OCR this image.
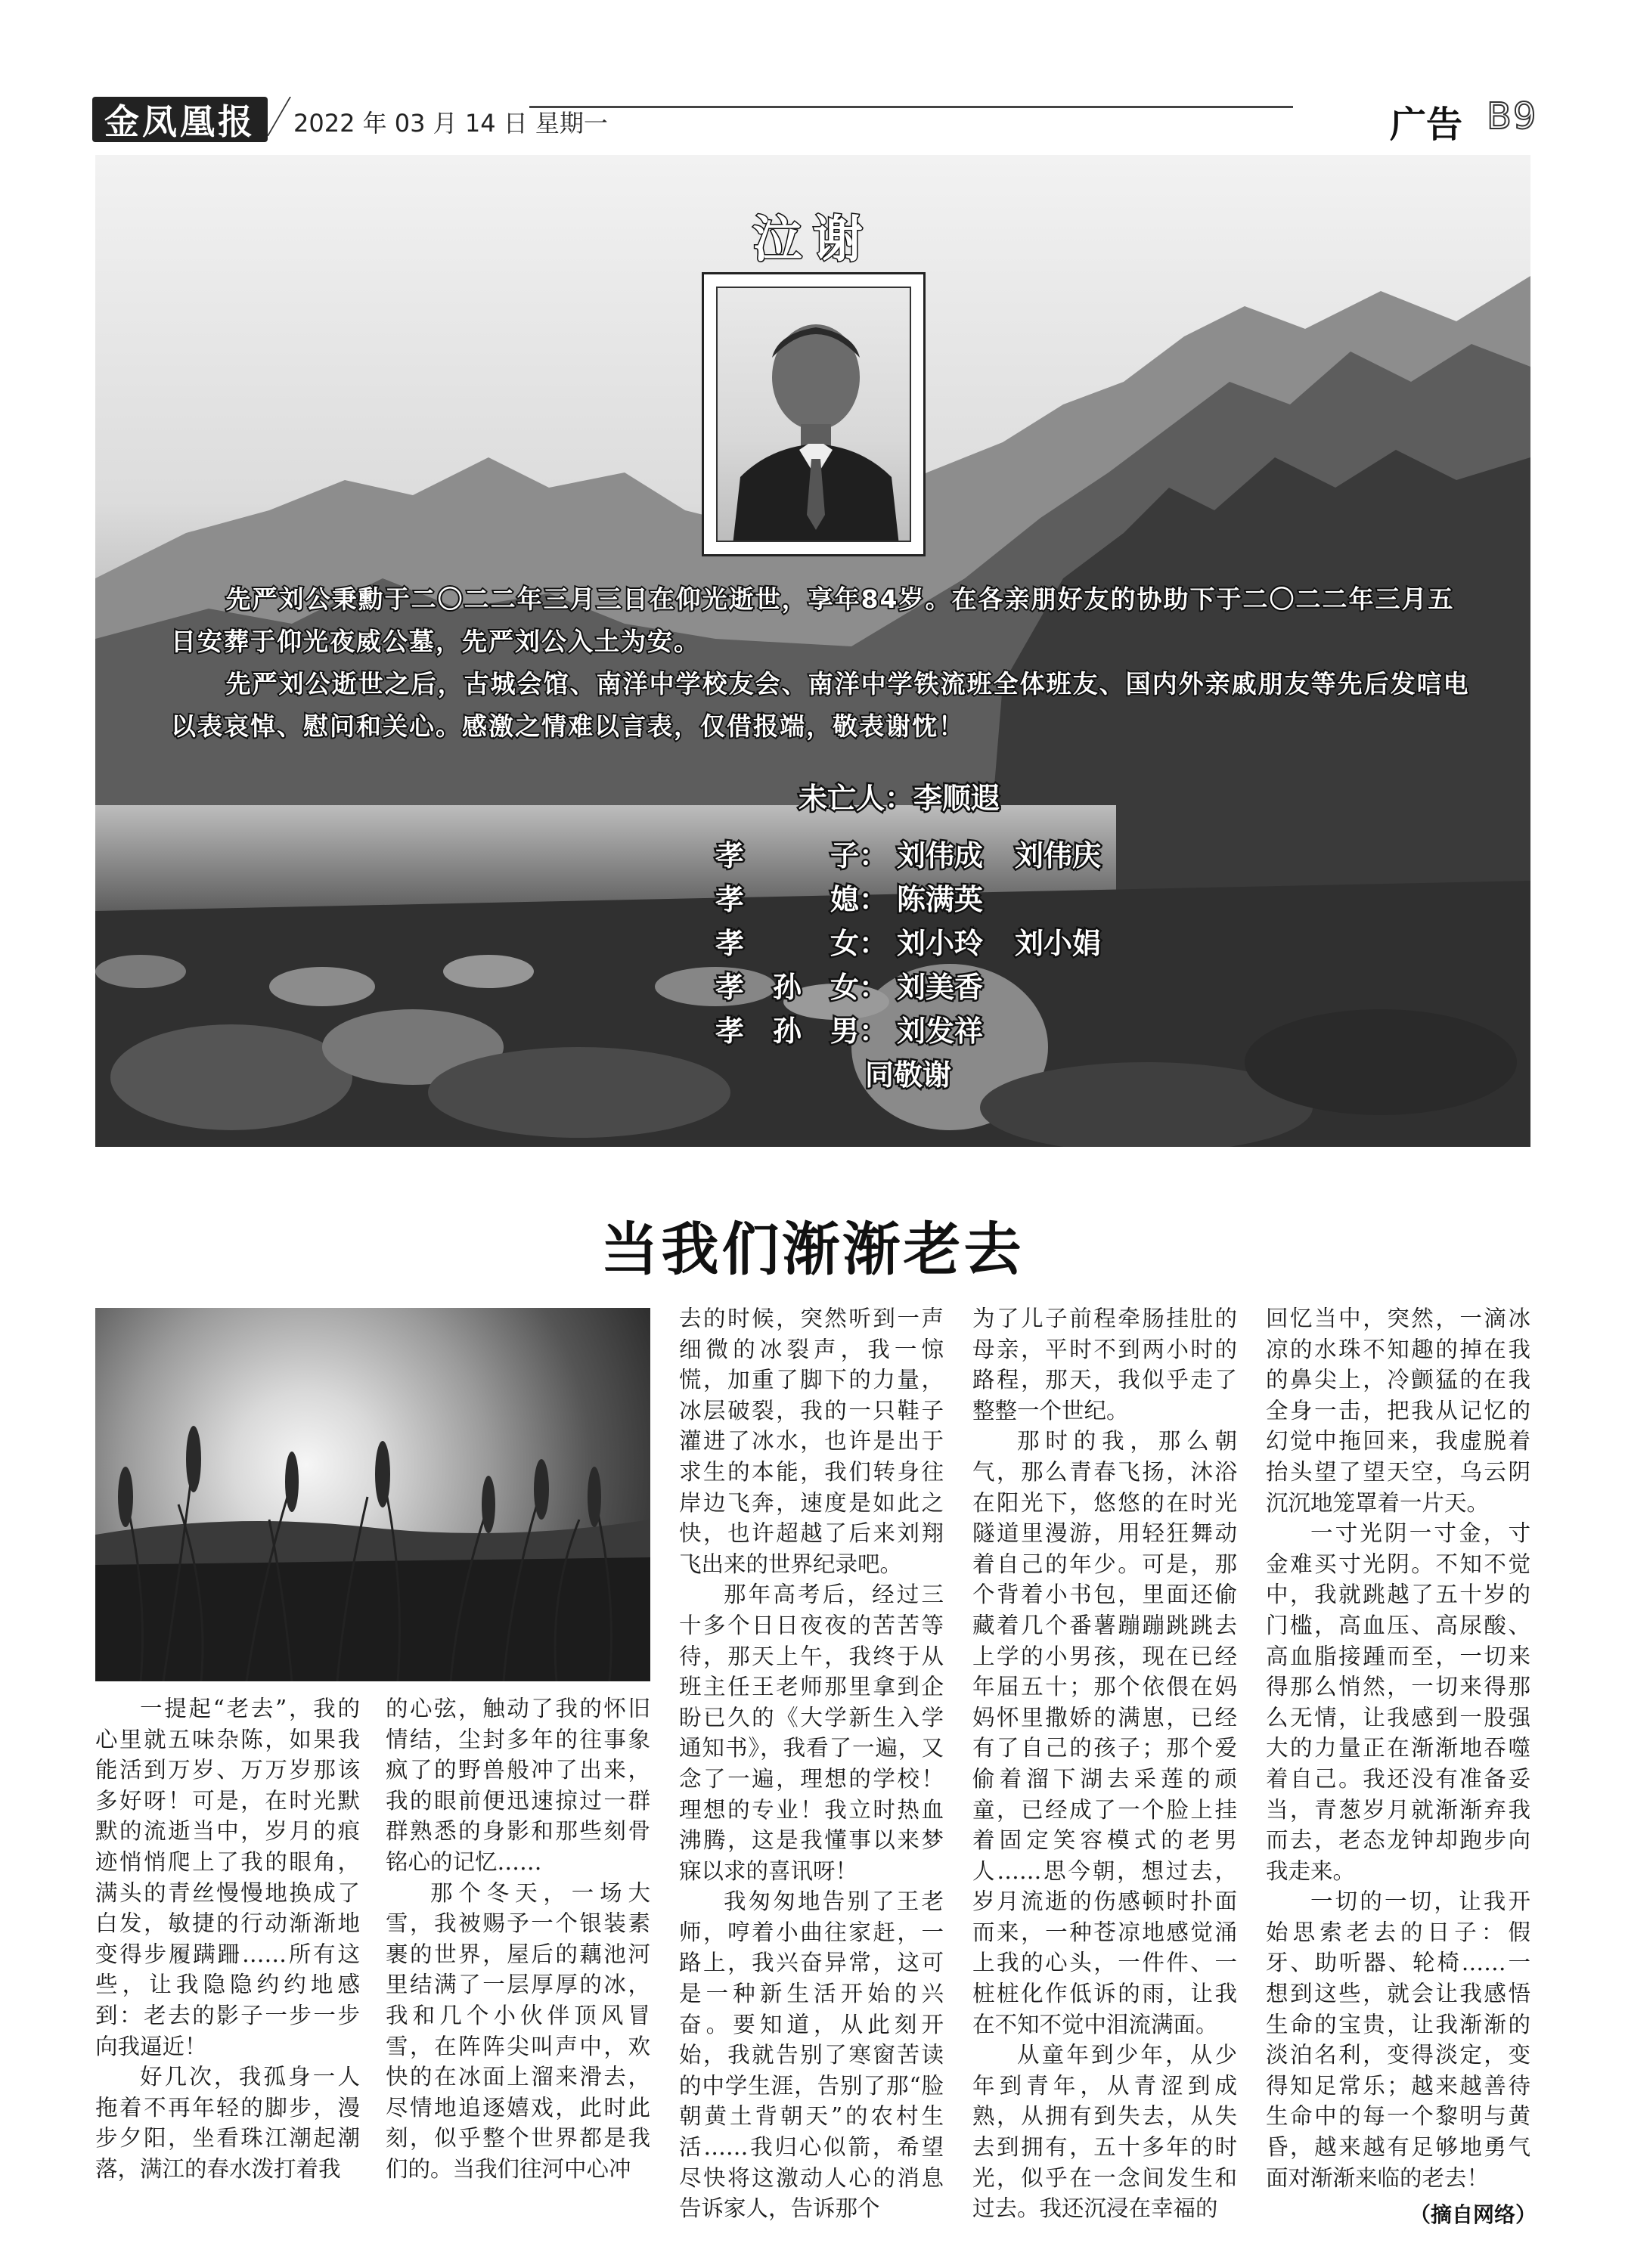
金凤凰报	2022 年 03 月 14 日 星期一	广告 B9
泣谢

先严刘公秉勳于二〇二二年三月三日在仰光逝世，享年84岁。在各亲朋好友的协助下于二〇二二年三月五日安葬于仰光夜威公墓，先严刘公入土为安。

先严刘公逝世之后，古城会馆、南洋中学校友会、南洋中学铁流班全体班友、国内外亲戚朋友等先后发唁电以表哀悼、慰问和关心。感激之情难以言表，仅借报端，敬表谢忱！

未亡人：李顺遐
孝子： 刘伟成 刘伟庆
孝媳： 陈满英
孝女： 刘小玲 刘小娟
孝孙女： 刘美香
孝孙男： 刘发祥
同敬谢
当我们渐渐老去

一提起“老去”，我的心里就五味杂陈，如果我能活到万岁、万万岁那该多好呀！可是，在时光默默的流逝当中，岁月的痕迹悄悄爬上了我的眼角，满头的青丝慢慢地换成了白发，敏捷的行动渐渐地变得步履蹒跚……所有这些，让我隐隐约约地感到：老去的影子一步一步向我逼近！

好几次，我孤身一人拖着不再年轻的脚步，漫步夕阳，坐看珠江潮起潮落，满江的春水泼打着我

的心弦，触动了我的怀旧情结，尘封多年的往事象疯了的野兽般冲了出来，我的眼前便迅速掠过一群群熟悉的身影和那些刻骨铭心的记忆……

那个冬天，一场大雪，我被赐予一个银装素裹的世界，屋后的藕池河里结满了一层厚厚的冰，我和几个小伙伴顶风冒雪，在阵阵尖叫声中，欢快的在冰面上溜来滑去，尽情地追逐嬉戏，此时此刻，似乎整个世界都是我们的。当我们往河中心冲

去的时候，突然听到一声细微的冰裂声，我一惊慌，加重了脚下的力量，冰层破裂，我的一只鞋子灌进了冰水，也许是出于求生的本能，我们转身往岸边飞奔，速度是如此之快，也许超越了后来刘翔飞出来的世界纪录吧。

那年高考后，经过三十多个日日夜夜的苦苦等待，那天上午，我终于从班主任王老师那里拿到企盼已久的《大学新生入学通知书》，我看了一遍，又念了一遍，理想的学校！理想的专业！我立时热血沸腾，这是我懂事以来梦寐以求的喜讯呀！

我匆匆地告别了王老师，哼着小曲往家赶，一路上，我兴奋异常，这可是一种新生活开始的兴奋。要知道，从此刻开始，我就告别了寒窗苦读的中学生涯，告别了那“脸朝黄土背朝天”的农村生活……我归心似箭，希望尽快将这激动人心的消息告诉家人，告诉那个

为了儿子前程牵肠挂肚的母亲，平时不到两小时的路程，那天，我似乎走了整整一个世纪。

那时的我，那么朝气，那么青春飞扬，沐浴在阳光下，悠悠的在时光隧道里漫游，用轻狂舞动着自己的年少。可是，那个背着小书包，里面还偷藏着几个番薯蹦蹦跳跳去上学的小男孩，现在已经年届五十；那个依偎在妈妈怀里撒娇的满崽，已经有了自己的孩子；那个爱偷着溜下湖去采莲的顽童，已经成了一个脸上挂着固定笑容模式的老男人……思今朝，想过去，岁月流逝的伤感顿时扑面而来，一种苍凉地感觉涌上我的心头，一件件、一桩桩化作低诉的雨，让我在不知不觉中泪流满面。

从童年到少年，从少年到青年，从青涩到成熟，从拥有到失去，从失去到拥有，五十多年的时光，似乎在一念间发生和过去。我还沉浸在幸福的

回忆当中，突然，一滴冰凉的水珠不知趣的掉在我的鼻尖上，冷颤猛的在我全身一击，把我从记忆的幻觉中拖回来，我虚脱着抬头望了望天空，乌云阴沉沉地笼罩着一片天。

一寸光阴一寸金，寸金难买寸光阴。不知不觉中，我就跳越了五十岁的门槛，高血压、高尿酸、高血脂接踵而至，一切来得那么悄然，一切来得那么无情，让我感到一股强大的力量正在渐渐地吞噬着自己。我还没有准备妥当，青葱岁月就渐渐弃我而去，老态龙钟却跑步向我走来。

一切的一切，让我开始思索老去的日子：假牙、助听器、轮椅……一想到这些，就会让我感悟生命的宝贵，让我渐渐的淡泊名利，变得淡定，变得知足常乐；越来越善待生命中的每一个黎明与黄昏，越来越有足够地勇气面对渐渐来临的老去！

（摘自网络）
